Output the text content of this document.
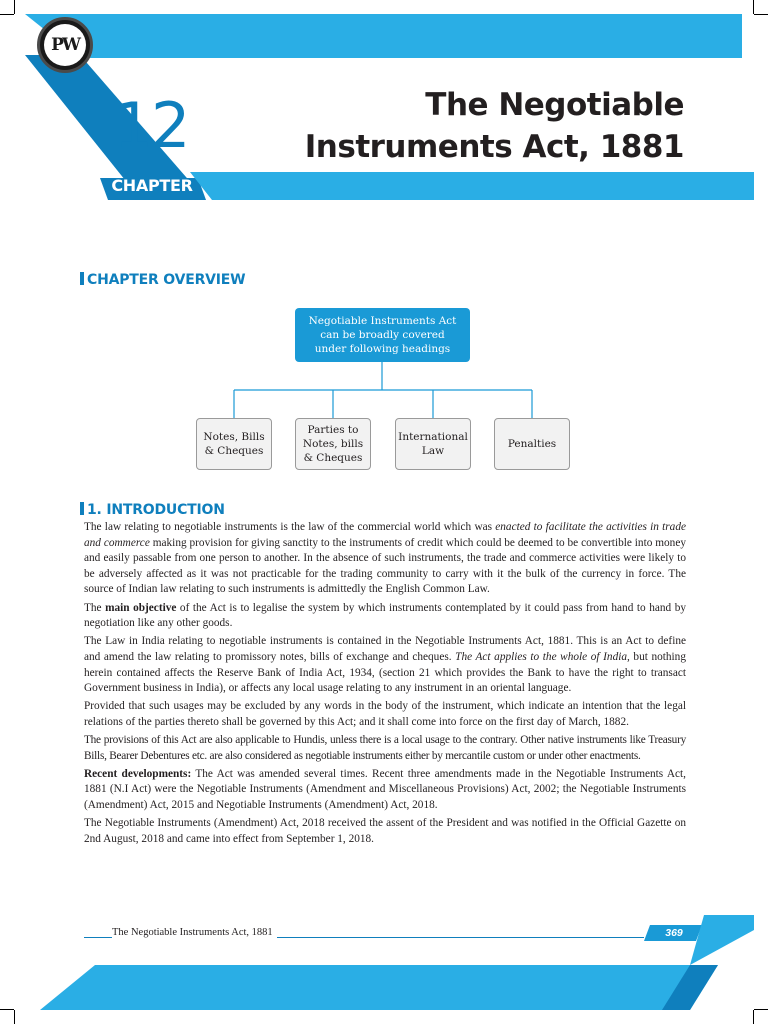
PW
12
CHAPTER
The Negotiable
Instruments Act, 1881
CHAPTER OVERVIEW
Negotiable Instruments Act can be broadly covered under following headings
Notes, Bills & Cheques
Parties to Notes, bills & Cheques
International Law
Penalties
1. INTRODUCTION

The law relating to negotiable instruments is the law of the commercial world which was enacted to facilitate the activities in trade and commerce making provision for giving sanctity to the instruments of credit which could be deemed to be convertible into money and easily passable from one person to another. In the absence of such instruments, the trade and commerce activities were likely to be adversely affected as it was not practicable for the trading community to carry with it the bulk of the currency in force. The source of Indian law relating to such instruments is admittedly the English Common Law.

The main objective of the Act is to legalise the system by which instruments contemplated by it could pass from hand to hand by negotiation like any other goods.

The Law in India relating to negotiable instruments is contained in the Negotiable Instruments Act, 1881. This is an Act to define and amend the law relating to promissory notes, bills of exchange and cheques. The Act applies to the whole of India, but nothing herein contained affects the Reserve Bank of India Act, 1934, (section 21 which provides the Bank to have the right to transact Government business in India), or affects any local usage relating to any instrument in an oriental language.

Provided that such usages may be excluded by any words in the body of the instrument, which indicate an intention that the legal relations of the parties thereto shall be governed by this Act; and it shall come into force on the first day of March, 1882.

The provisions of this Act are also applicable to Hundis, unless there is a local usage to the contrary. Other native instruments like Treasury Bills, Bearer Debentures etc. are also considered as negotiable instruments either by mercantile custom or under other enactments.

Recent developments: The Act was amended several times. Recent three amendments made in the Negotiable Instruments Act, 1881 (N.I Act) were the Negotiable Instruments (Amendment and Miscellaneous Provisions) Act, 2002; the Negotiable Instruments (Amendment) Act, 2015 and Negotiable Instruments (Amendment) Act, 2018.

The Negotiable Instruments (Amendment) Act, 2018 received the assent of the President and was notified in the Official Gazette on 2nd August, 2018 and came into effect from September 1, 2018.

The Negotiable Instruments Act, 1881	369
